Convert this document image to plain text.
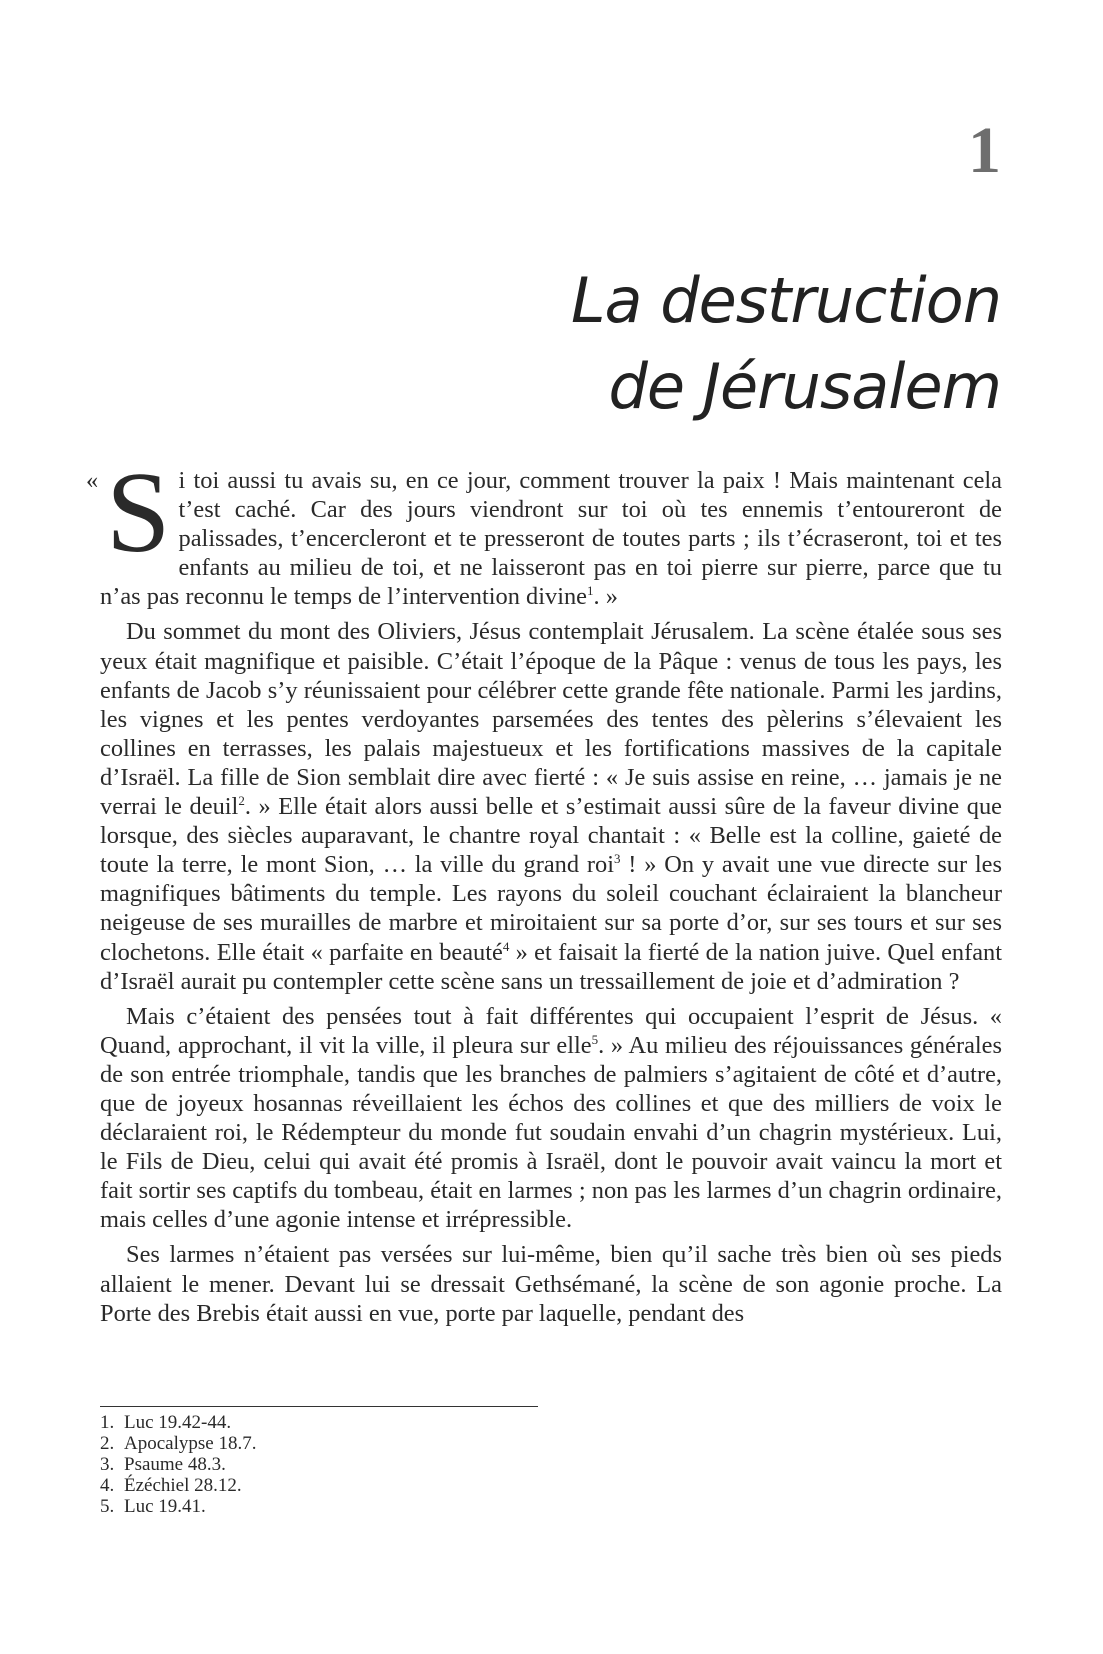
1
La destruction
de Jérusalem

« S i toi aussi tu avais su, en ce jour, comment trouver la paix ! Mais maintenant cela t’est caché. Car des jours viendront sur toi où tes ennemis t’entoureront de palissades, t’encercleront et te presseront de toutes parts ; ils t’écraseront, toi et tes enfants au milieu de toi, et ne laisseront pas en toi pierre sur pierre, parce que tu n’as pas reconnu le temps de l’intervention divine$^1$. »

Du sommet du mont des Oliviers, Jésus contemplait Jérusalem. La scène étalée sous ses yeux était magnifique et paisible. C’était l’époque de la Pâque : venus de tous les pays, les enfants de Jacob s’y réunissaient pour célébrer cette grande fête nationale. Parmi les jardins, les vignes et les pentes verdoyantes parsemées des tentes des pèlerins s’élevaient les collines en terrasses, les palais majestueux et les fortifications massives de la capitale d’Israël. La fille de Sion semblait dire avec fierté : « Je suis assise en reine, … jamais je ne verrai le deuil$^2$. » Elle était alors aussi belle et s’estimait aussi sûre de la faveur divine que lorsque, des siècles auparavant, le chantre royal chantait : « Belle est la colline, gaieté de toute la terre, le mont Sion, … la ville du grand roi$^3$ ! » On y avait une vue directe sur les magnifiques bâtiments du temple. Les rayons du soleil couchant éclairaient la blancheur neigeuse de ses murailles de marbre et miroitaient sur sa porte d’or, sur ses tours et sur ses clochetons. Elle était « parfaite en beauté$^4$ » et faisait la fierté de la nation juive. Quel enfant d’Israël aurait pu contempler cette scène sans un tressaillement de joie et d’admiration ?

Mais c’étaient des pensées tout à fait différentes qui occupaient l’esprit de Jésus. « Quand, approchant, il vit la ville, il pleura sur elle$^5$. » Au milieu des réjouissances générales de son entrée triomphale, tandis que les branches de palmiers s’agitaient de côté et d’autre, que de joyeux hosannas réveillaient les échos des collines et que des milliers de voix le déclaraient roi, le Rédempteur du monde fut soudain envahi d’un chagrin mystérieux. Lui, le Fils de Dieu, celui qui avait été promis à Israël, dont le pouvoir avait vaincu la mort et fait sortir ses captifs du tombeau, était en larmes ; non pas les larmes d’un chagrin ordinaire, mais celles d’une agonie intense et irrépressible.

Ses larmes n’étaient pas versées sur lui-même, bien qu’il sache très bien où ses pieds allaient le mener. Devant lui se dressait Gethsémané, la scène de son agonie proche. La Porte des Brebis était aussi en vue, porte par laquelle, pendant des

1. Luc 19.42-44.
2. Apocalypse 18.7.
3. Psaume 48.3.
4. Ézéchiel 28.12.
5. Luc 19.41.
